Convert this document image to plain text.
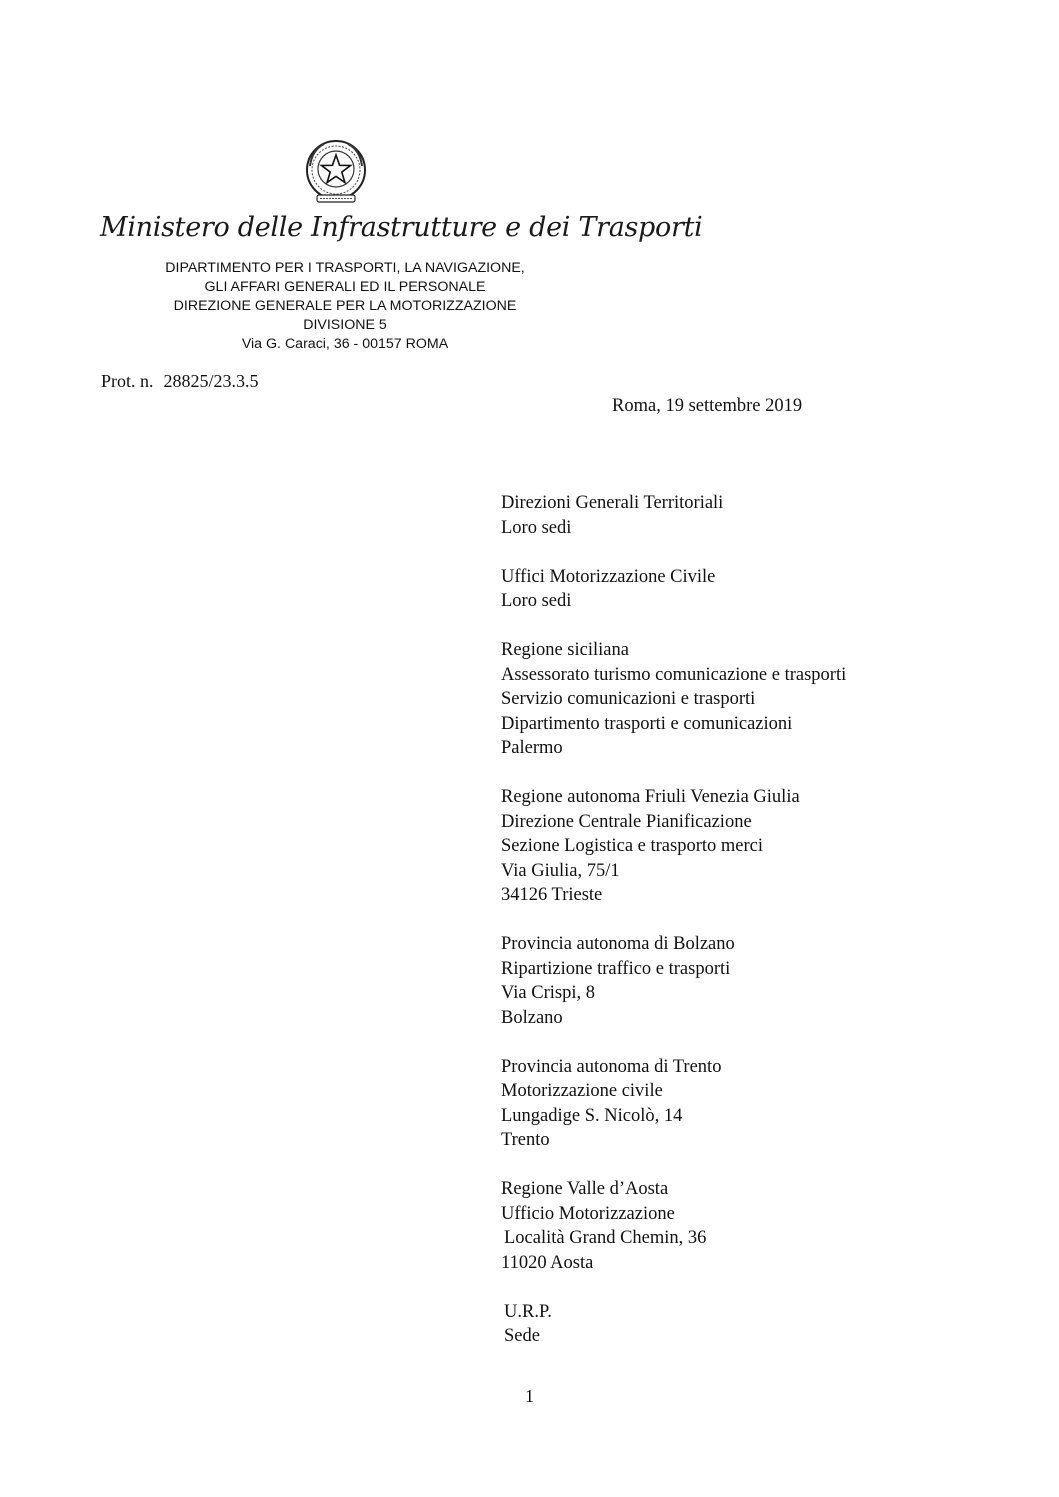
Ministero delle Infrastrutture e dei Trasporti
DIPARTIMENTO PER I TRASPORTI, LA NAVIGAZIONE,
GLI AFFARI GENERALI ED IL PERSONALE
DIREZIONE GENERALE PER LA MOTORIZZAZIONE
DIVISIONE 5
Via G. Caraci, 36 - 00157 ROMA
Prot. n. 28825/23.3.5
Roma, 19 settembre 2019
Direzioni Generali Territoriali
Loro sedi
Uffici Motorizzazione Civile
Loro sedi
Regione siciliana
Assessorato turismo comunicazione e trasporti
Servizio comunicazioni e trasporti
Dipartimento trasporti e comunicazioni
Palermo
Regione autonoma Friuli Venezia Giulia
Direzione Centrale Pianificazione
Sezione Logistica e trasporto merci
Via Giulia, 75/1
34126 Trieste
Provincia autonoma di Bolzano
Ripartizione traffico e trasporti
Via Crispi, 8
Bolzano
Provincia autonoma di Trento
Motorizzazione civile
Lungadige S. Nicolò, 14
Trento
Regione Valle d’Aosta
Ufficio Motorizzazione
Località Grand Chemin, 36
11020 Aosta
U.R.P.
Sede
1
